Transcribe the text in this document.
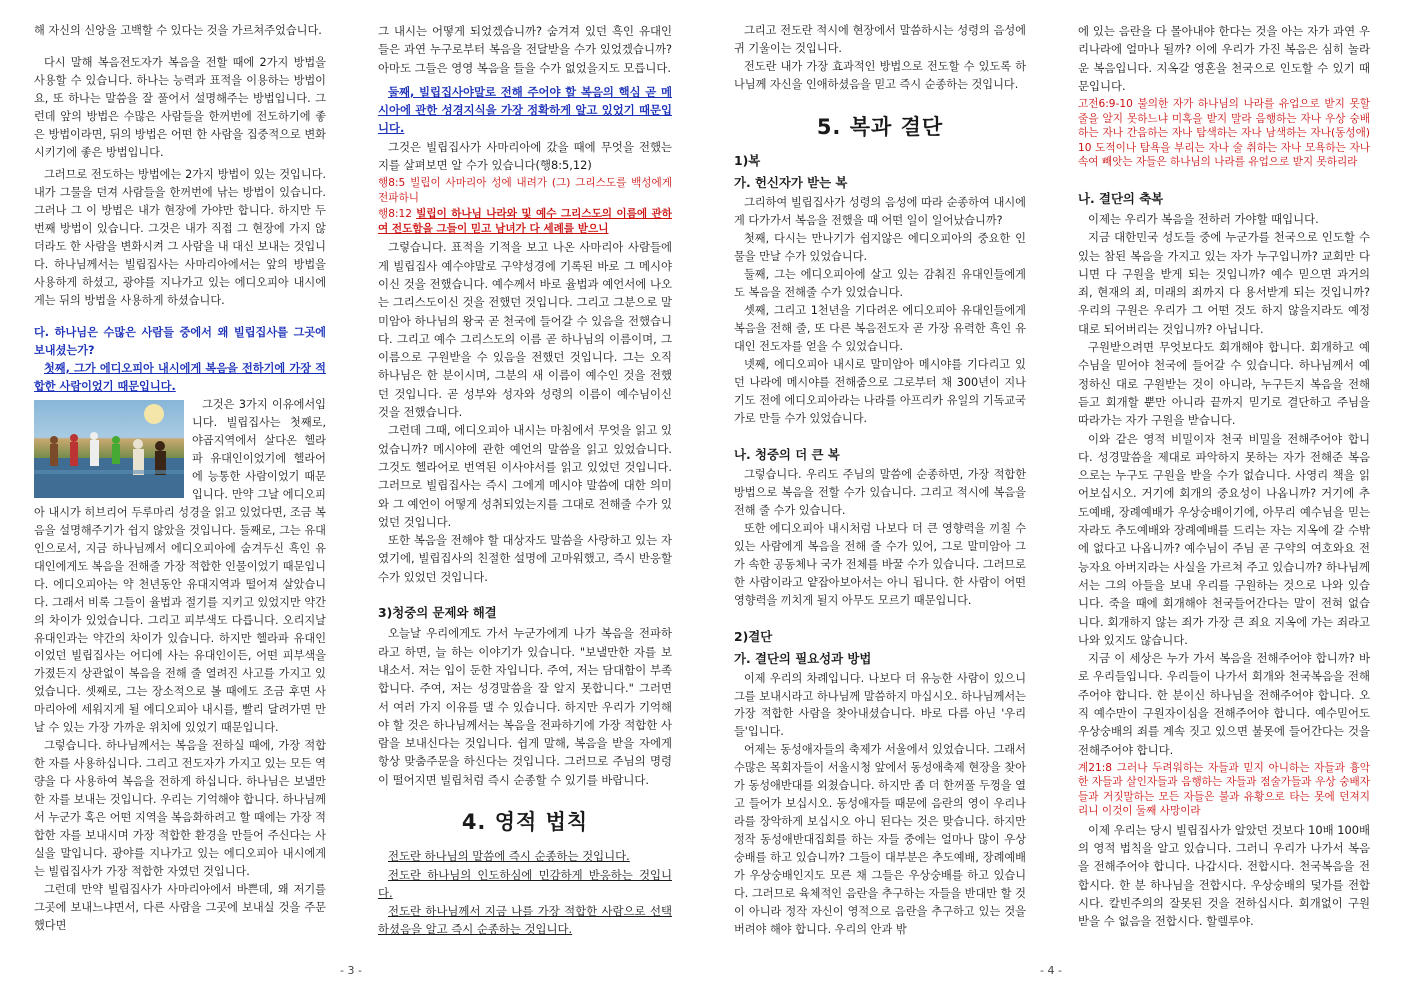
해 자신의 신앙을 고백할 수 있다는 것을 가르쳐주었습니다.

다시 말해 복음전도자가 복음을 전할 때에 2가지 방법을 사용할 수 있습니다. 하나는 능력과 표적을 이용하는 방법이요, 또 하나는 말씀을 잘 풀어서 설명해주는 방법입니다. 그런데 앞의 방법은 수많은 사람들을 한꺼번에 전도하기에 좋은 방법이라면, 뒤의 방법은 어떤 한 사람을 집중적으로 변화시키기에 좋은 방법입니다.

그러므로 전도하는 방법에는 2가지 방법이 있는 것입니다. 내가 그물을 던져 사람들을 한꺼번에 낚는 방법이 있습니다. 그러나 그 이 방법은 내가 현장에 가야만 합니다. 하지만 두 번째 방법이 있습니다. 그것은 내가 직접 그 현장에 가지 않더라도 한 사람을 변화시켜 그 사람을 내 대신 보내는 것입니다. 하나님께서는 빌립집사는 사마리아에서는 앞의 방법을 사용하게 하셨고, 광야를 지나가고 있는 에디오피아 내시에게는 뒤의 방법을 사용하게 하셨습니다.

다. 하나님은 수많은 사람들 중에서 왜 빌립집사를 그곳에 보내셨는가?

첫째, 그가 에디오피아 내시에게 복음을 전하기에 가장 적합한 사람이었기 때문입니다.

그것은 3가지 이유에서입니다. 빌립집사는 첫째로, 야곱지역에서 살다온 헬라파 유대인이었기에 헬라어에 능통한 사람이었기 때문입니다. 만약 그날 에디오피아 내시가 히브리어 두루마리 성경을 읽고 있었다면, 조금 복음을 설명해주기가 쉽지 않았을 것입니다. 둘째로, 그는 유대인으로서, 지금 하나님께서 에디오피아에 숨겨두신 흑인 유대인에게도 복음을 전해줄 가장 적합한 인물이었기 때문입니다. 에디오피아는 약 천년동안 유대지역과 떨어져 살았습니다. 그래서 비록 그들이 율법과 절기를 지키고 있었지만 약간의 차이가 있었습니다. 그리고 피부색도 다릅니다. 오리지날 유대인과는 약간의 차이가 있습니다. 하지만 헬라파 유대인이었던 빌립집사는 어디에 사는 유대인이든, 어떤 피부색을 가졌든지 상관없이 복음을 전해 줄 열려진 사고를 가지고 있었습니다. 셋째로, 그는 장소적으로 볼 때에도 조금 후면 사마리아에 세워지게 될 에디오피아 내시를, 빨리 달려가면 만날 수 있는 가장 가까운 위치에 있었기 때문입니다.

그렇습니다. 하나님께서는 복음을 전하실 때에, 가장 적합한 자를 사용하십니다. 그리고 전도자가 가지고 있는 모든 역량을 다 사용하여 복음을 전하게 하십니다. 하나님은 보낼만한 자를 보내는 것입니다. 우리는 기억해야 합니다. 하나님께서 누군가 혹은 어떤 지역을 복음화하려고 할 때에는 가장 적합한 자를 보내시며 가장 적합한 환경을 만들어 주신다는 사실을 말입니다. 광야를 지나가고 있는 에디오피아 내시에게는 빌립집사가 가장 적합한 자였던 것입니다.

그런데 만약 빌립집사가 사마리아에서 바쁜데, 왜 저기를 그곳에 보내느냐면서, 다른 사람을 그곳에 보내실 것을 주문했다면

그 내시는 어떻게 되었겠습니까? 숨겨져 있던 흑인 유대인들은 과연 누구로부터 복음을 전달받을 수가 있었겠습니까? 아마도 그들은 영영 복음을 들을 수가 없었을지도 모릅니다.

둘째, 빌립집사야말로 전해 주어야 할 복음의 핵심 곧 메시아에 관한 성경지식을 가장 정확하게 알고 있었기 때문입니다.

그것은 빌립집사가 사마리아에 갔을 때에 무엇을 전했는지를 살펴보면 알 수가 있습니다(행8:5,12)

행8:5 빌립이 사마리아 성에 내려가 (그) 그리스도를 백성에게 전파하니

행8:12 빌립이 하나님 나라와 및 예수 그리스도의 이름에 관하여 전도함을 그들이 믿고 남녀가 다 세례를 받으니

그렇습니다. 표적을 기적을 보고 나온 사마리아 사람들에게 빌립집사 예수야말로 구약성경에 기록된 바로 그 메시야이신 것을 전했습니다. 예수께서 바로 율법과 예언서에 나오는 그리스도이신 것을 전했던 것입니다. 그리고 그분으로 말미암아 하나님의 왕국 곧 천국에 들어갈 수 있음을 전했습니다. 그리고 예수 그리스도의 이름 곧 하나님의 이름이며, 그 이름으로 구원받을 수 있음을 전했던 것입니다. 그는 오직 하나님은 한 분이시며, 그분의 새 이름이 예수인 것을 전했던 것입니다. 곧 성부와 성자와 성령의 이름이 예수님이신 것을 전했습니다.

그런데 그때, 에디오피아 내시는 마침에서 무엇을 읽고 있었습니까? 메시야에 관한 예언의 말씀을 읽고 있었습니다. 그것도 헬라어로 번역된 이사야서를 읽고 있었던 것입니다. 그러므로 빌립집사는 즉시 그에게 메시야 말씀에 대한 의미와 그 예언이 어떻게 성취되었는지를 그대로 전해줄 수가 있었던 것입니다.

또한 복음을 전해야 할 대상자도 말씀을 사랑하고 있는 자였기에, 빌립집사의 친절한 설명에 고마워했고, 즉시 반응할 수가 있었던 것입니다.

3)청중의 문제와 해결

오늘날 우리에게도 가서 누군가에게 나가 복음을 전파하라고 하면, 늘 하는 이야기가 있습니다. "보낼만한 자를 보내소서. 저는 입이 둔한 자입니다. 주여, 저는 담대함이 부족합니다. 주여, 저는 성경말씀을 잘 알지 못합니다." 그러면서 여러 가지 이유를 댈 수 있습니다. 하지만 우리가 기억해야 할 것은 하나님께서는 복음을 전파하기에 가장 적합한 사람을 보내신다는 것입니다. 쉽게 말해, 복음을 받을 자에게 항상 맞춤주문을 하신다는 것입니다. 그러므로 주님의 명령이 떨어지면 빌립처럼 즉시 순종할 수 있기를 바랍니다.

4. 영적 법칙

전도란 하나님의 말씀에 즉시 순종하는 것입니다.

전도란 하나님의 인도하심에 민감하게 반응하는 것입니다.

전도란 하나님께서 지금 나를 가장 적합한 사람으로 선택하셨음을 알고 즉시 순종하는 것입니다.

그리고 전도란 적시에 현장에서 말씀하시는 성령의 음성에 귀 기울이는 것입니다.

전도란 내가 가장 효과적인 방법으로 전도할 수 있도록 하나님께 자신을 인애하셨음을 믿고 즉시 순종하는 것입니다.

5. 복과 결단

1)복

가. 헌신자가 받는 복

그리하여 빌립집사가 성령의 음성에 따라 순종하여 내시에게 다가가서 복음을 전했을 때 어떤 일이 일어났습니까?

첫째, 다시는 만나기가 쉽지않은 에디오피아의 중요한 인물을 만날 수가 있었습니다.

둘째, 그는 에디오피아에 살고 있는 감춰진 유대인들에게도 복음을 전해줄 수가 있었습니다.

셋째, 그리고 1천년을 기다려온 에디오피아 유대인들에게 복음을 전해 줄, 또 다른 복음전도자 곧 가장 유력한 흑인 유대인 전도자를 얻을 수 있었습니다.

넷째, 에디오피아 내시로 말미암아 메시야를 기다리고 있던 나라에 메시야를 전해줌으로 그로부터 채 300년이 지나기도 전에 에디오피아라는 나라를 아프리카 유일의 기독교국가로 만들 수가 있었습니다.

나. 청중의 더 큰 복

그렇습니다. 우리도 주님의 말씀에 순종하면, 가장 적합한 방법으로 복음을 전할 수가 있습니다. 그리고 적시에 복음을 전해 줄 수가 있습니다.

또한 에디오피아 내시처럼 나보다 더 큰 영향력을 끼칠 수 있는 사람에게 복음을 전해 줄 수가 있어, 그로 말미암아 그가 속한 공동체나 국가 전체를 바꿀 수가 있습니다. 그러므로 한 사람이라고 얕잡아보아서는 아니 됩니다. 한 사람이 어떤 영향력을 끼치게 될지 아무도 모르기 때문입니다.

2)결단

가. 결단의 필요성과 방법

이제 우리의 차례입니다. 나보다 더 유능한 사람이 있으니 그를 보내시라고 하나님께 말씀하지 마십시오. 하나님께서는 가장 적합한 사람을 찾아내셨습니다. 바로 다름 아닌 '우리들'입니다.

어제는 동성애자들의 축제가 서울에서 있었습니다. 그래서 수많은 목회자들이 서울시청 앞에서 동성애축제 현장을 찾아가 동성애반대를 외쳤습니다. 하지만 좀 더 한꺼풀 두껑을 열고 들어가 보십시오. 동성애자들 때문에 음란의 영이 우리나라를 장악하게 보십시오 아니 된다는 것은 맞습니다. 하지만 정작 동성애반대집회를 하는 자들 중에는 얼마나 많이 우상숭배를 하고 있습니까? 그들이 대부분은 추도예배, 장례예배가 우상숭배인지도 모른 채 그들은 우상숭배를 하고 있습니다. 그러므로 육체적인 음란을 추구하는 자들을 반대만 할 것이 아니라 정작 자신이 영적으로 음란을 추구하고 있는 것을 버려야 해야 합니다. 우리의 안과 밖

에 있는 음란을 다 몰아내야 한다는 것을 아는 자가 과연 우리나라에 얼마나 될까? 이에 우리가 가진 복음은 심히 놀라운 복음입니다. 지옥갈 영혼을 천국으로 인도할 수 있기 때문입니다.

고전6:9-10 불의한 자가 하나님의 나라를 유업으로 받지 못할 줄을 알지 못하느냐 미혹을 받지 말라 음행하는 자나 우상 숭배하는 자나 간음하는 자나 탐색하는 자나 남색하는 자나(동성애) 10 도적이나 탐욕을 부리는 자나 술 취하는 자나 모욕하는 자나 속여 빼앗는 자들은 하나님의 나라를 유업으로 받지 못하리라

나. 결단의 축복

이제는 우리가 복음을 전하러 가야할 때입니다.

지금 대한민국 성도들 중에 누군가를 천국으로 인도할 수 있는 참된 복음을 가지고 있는 자가 누구입니까? 교회만 다니면 다 구원을 받게 되는 것입니까? 예수 믿으면 과거의 죄, 현재의 죄, 미래의 죄까지 다 용서받게 되는 것입니까? 우리의 구원은 우리가 그 어떤 것도 하지 않을지라도 예정대로 되어버리는 것입니까? 아닙니다.

구원받으려면 무엇보다도 회개해야 합니다. 회개하고 예수님을 믿어야 천국에 들어갈 수 있습니다. 하나님께서 예정하신 대로 구원받는 것이 아니라, 누구든지 복음을 전해 듣고 회개할 뿐만 아니라 끝까지 믿기로 결단하고 주님을 따라가는 자가 구원을 받습니다.

이와 같은 영적 비밀이자 천국 비밀을 전해주어야 합니다. 성경말씀을 제대로 파악하지 못하는 자가 전해준 복음으로는 누구도 구원을 받을 수가 없습니다. 사영리 책을 읽어보십시오. 거기에 회개의 중요성이 나옵니까? 거기에 추도예배, 장례예배가 우상숭배이기에, 아무리 예수님을 믿는 자라도 추도예배와 장례예배를 드리는 자는 지옥에 갈 수밖에 없다고 나옵니까? 예수님이 주님 곧 구약의 여호와요 전능자요 아버지라는 사실을 가르쳐 주고 있습니까? 하나님께서는 그의 아들을 보내 우리를 구원하는 것으로 나와 있습니다. 죽을 때에 회개해야 천국들어간다는 말이 전혀 없습니다. 회개하지 않는 죄가 가장 큰 죄요 지옥에 가는 죄라고 나와 있지도 않습니다.

지금 이 세상은 누가 가서 복음을 전해주어야 합니까? 바로 우리들입니다. 우리들이 나가서 회개와 천국복음을 전해주어야 합니다. 한 분이신 하나님을 전해주어야 합니다. 오직 예수만이 구원자이심을 전해주어야 합니다. 예수믿어도 우상숭배의 죄를 계속 짓고 있으면 불못에 들어간다는 것을 전해주어야 합니다.

계21:8 그러나 두려워하는 자들과 믿지 아니하는 자들과 흉악한 자들과 살인자들과 음행하는 자들과 점술가들과 우상 숭배자들과 거짓말하는 모든 자들은 불과 유황으로 타는 못에 던져지리니 이것이 둘째 사망이라

이제 우리는 당시 빌립집사가 알았던 것보다 10배 100배의 영적 법칙을 알고 있습니다. 그러니 우리가 나가서 복음을 전해주어야 합니다. 나갑시다. 전합시다. 천국복음을 전합시다. 한 분 하나님을 전합시다. 우상숭배의 덫가를 전합시다. 칼빈주의의 잘못된 것을 전하십시다. 회개없이 구원받을 수 없음을 전합시다. 할렐루야.

- 3 -	- 4 -
